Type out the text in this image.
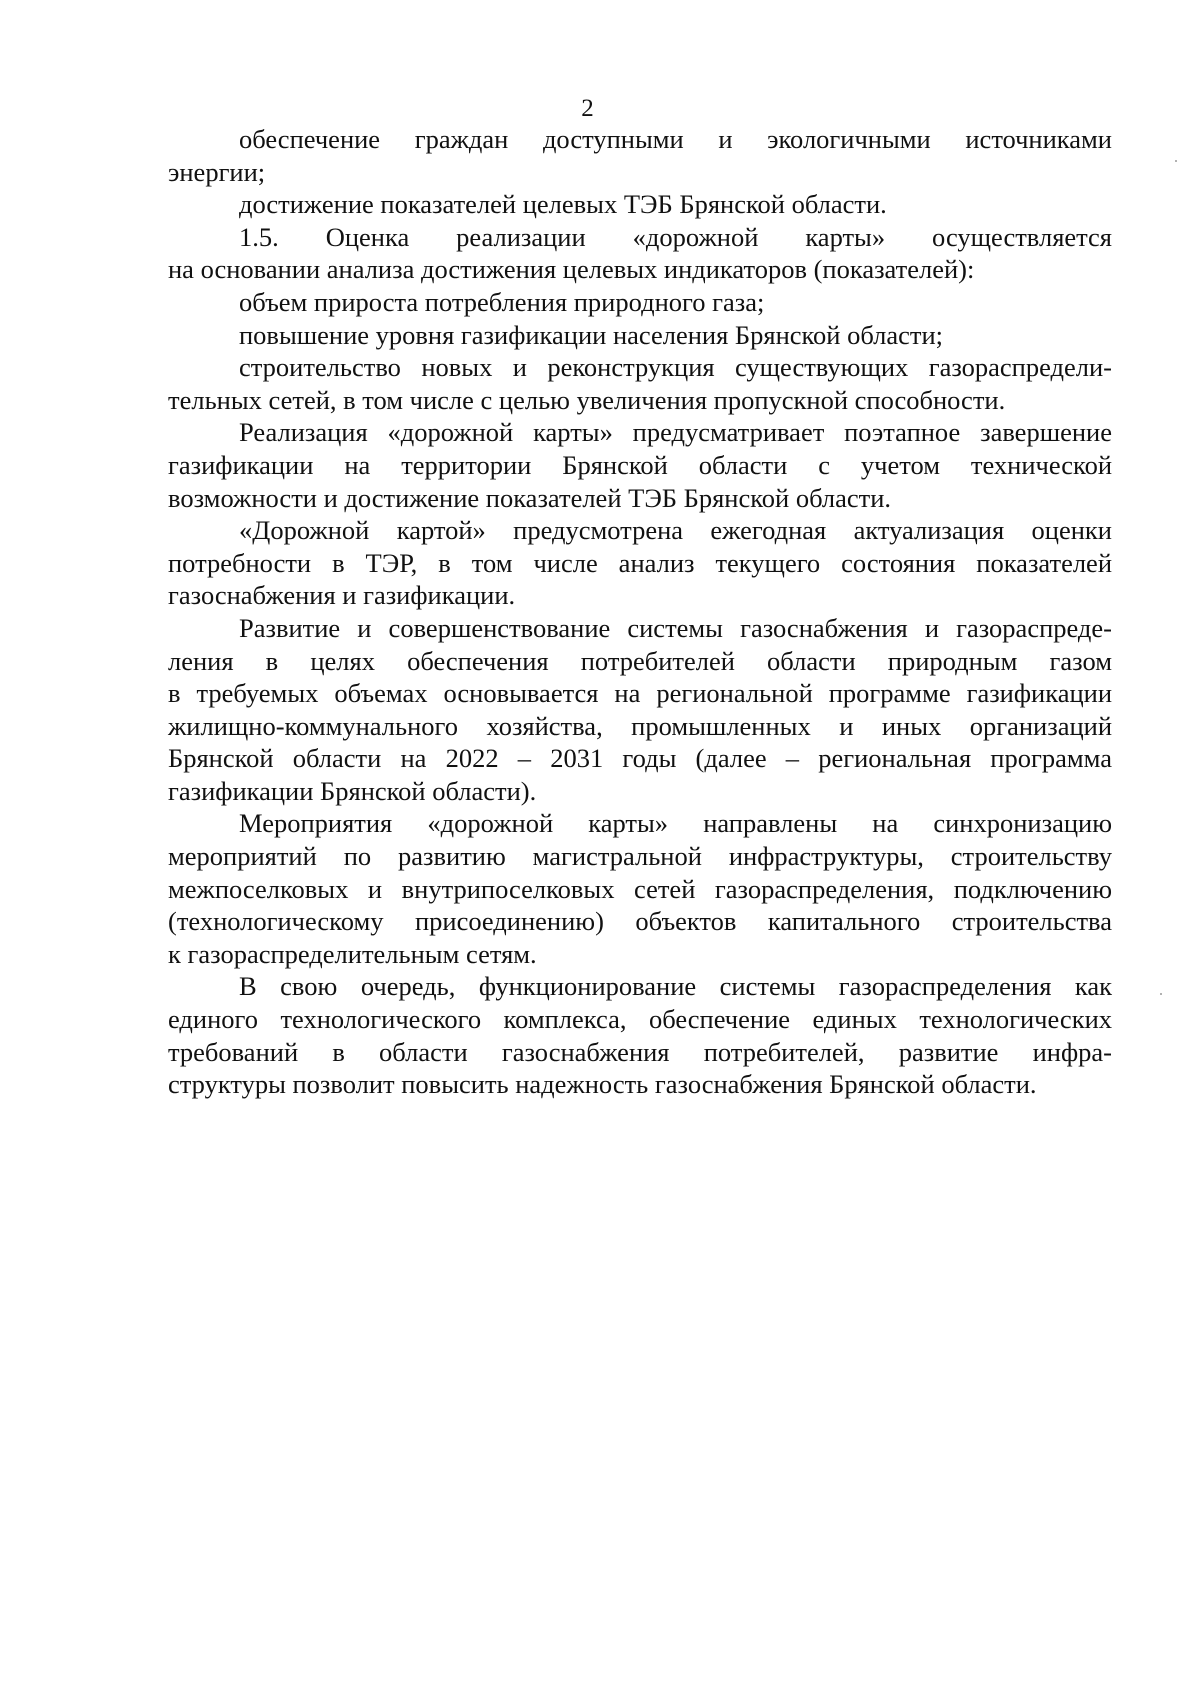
2
обеспечение граждан доступными и экологичными источниками
энергии;
достижение показателей целевых ТЭБ Брянской области.
1.5. Оценка реализации «дорожной карты» осуществляется
на основании анализа достижения целевых индикаторов (показателей):
объем прироста потребления природного газа;
повышение уровня газификации населения Брянской области;
строительство новых и реконструкция существующих газораспредели-
тельных сетей, в том числе с целью увеличения пропускной способности.
Реализация «дорожной карты» предусматривает поэтапное завершение
газификации на территории Брянской области с учетом технической
возможности и достижение показателей ТЭБ Брянской области.
«Дорожной картой» предусмотрена ежегодная актуализация оценки
потребности в ТЭР, в том числе анализ текущего состояния показателей
газоснабжения и газификации.
Развитие и совершенствование системы газоснабжения и газораспреде-
ления в целях обеспечения потребителей области природным газом
в требуемых объемах основывается на региональной программе газификации
жилищно-коммунального хозяйства, промышленных и иных организаций
Брянской области на 2022 – 2031 годы (далее – региональная программа
газификации Брянской области).
Мероприятия «дорожной карты» направлены на синхронизацию
мероприятий по развитию магистральной инфраструктуры, строительству
межпоселковых и внутрипоселковых сетей газораспределения, подключению
(технологическому присоединению) объектов капитального строительства
к газораспределительным сетям.
В свою очередь, функционирование системы газораспределения как
единого технологического комплекса, обеспечение единых технологических
требований в области газоснабжения потребителей, развитие инфра-
структуры позволит повысить надежность газоснабжения Брянской области.
